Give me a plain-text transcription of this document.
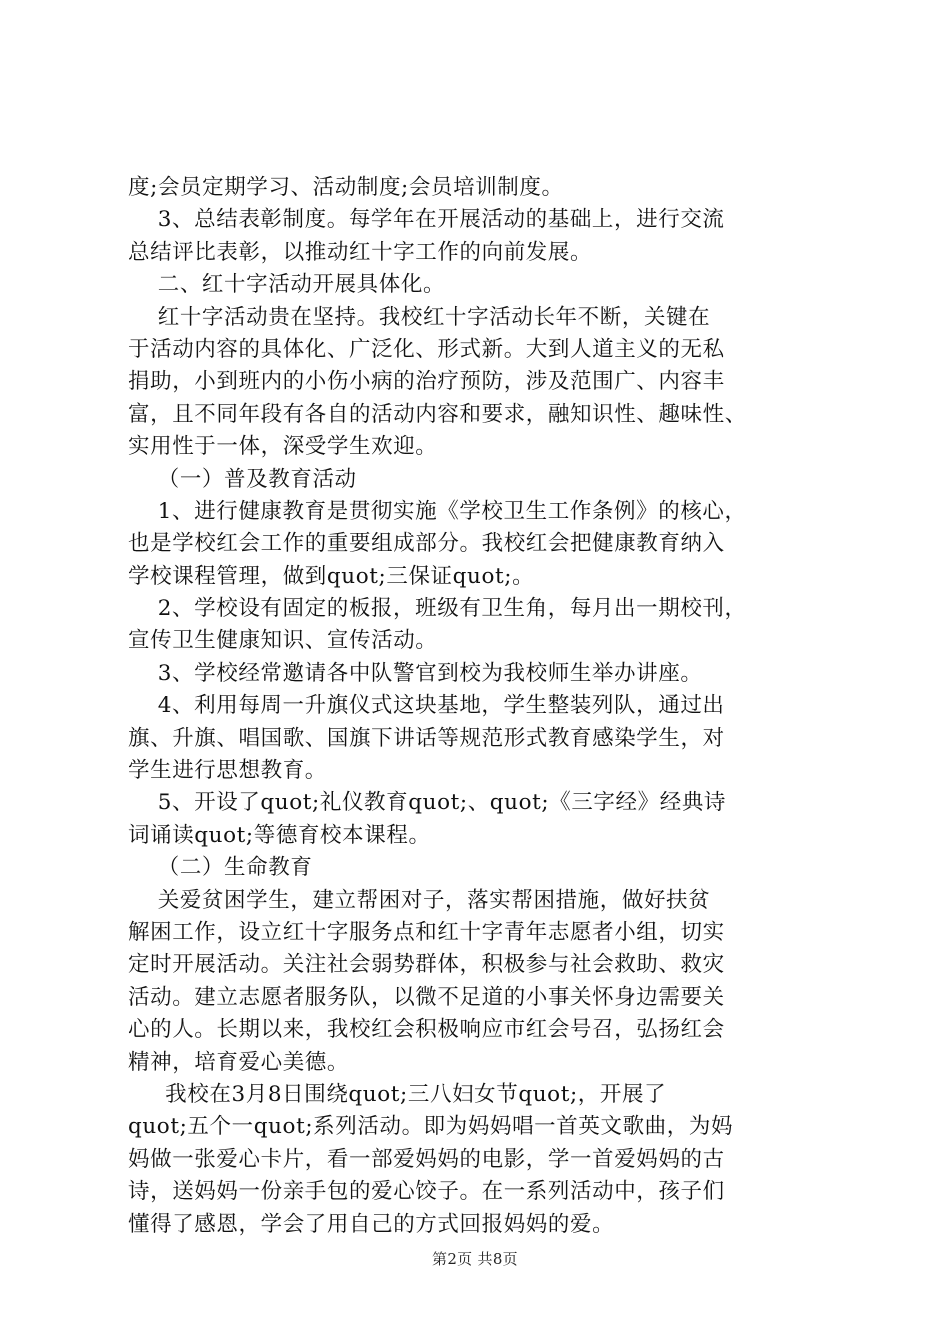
度;会员定期学习、活动制度;会员培训制度。
3、总结表彰制度。每学年在开展活动的基础上，进行交流
总结评比表彰，以推动红十字工作的向前发展。
二、红十字活动开展具体化。
红十字活动贵在坚持。我校红十字活动长年不断，关键在
于活动内容的具体化、广泛化、形式新。大到人道主义的无私
捐助，小到班内的小伤小病的治疗预防，涉及范围广、内容丰
富，且不同年段有各自的活动内容和要求，融知识性、趣味性、
实用性于一体，深受学生欢迎。
（一）普及教育活动
1、进行健康教育是贯彻实施《学校卫生工作条例》的核心，
也是学校红会工作的重要组成部分。我校红会把健康教育纳入
学校课程管理，做到quot;三保证quot;。
2、学校设有固定的板报，班级有卫生角，每月出一期校刊，
宣传卫生健康知识、宣传活动。
3、学校经常邀请各中队警官到校为我校师生举办讲座。
4、利用每周一升旗仪式这块基地，学生整装列队，通过出
旗、升旗、唱国歌、国旗下讲话等规范形式教育感染学生，对
学生进行思想教育。
5、开设了quot;礼仪教育quot;、quot;《三字经》经典诗
词诵读quot;等德育校本课程。
（二）生命教育
关爱贫困学生，建立帮困对子，落实帮困措施，做好扶贫
解困工作，设立红十字服务点和红十字青年志愿者小组，切实
定时开展活动。关注社会弱势群体，积极参与社会救助、救灾
活动。建立志愿者服务队，以微不足道的小事关怀身边需要关
心的人。长期以来，我校红会积极响应市红会号召，弘扬红会
精神，培育爱心美德。
我校在3月8日围绕quot;三八妇女节quot;，开展了
quot;五个一quot;系列活动。即为妈妈唱一首英文歌曲，为妈
妈做一张爱心卡片，看一部爱妈妈的电影，学一首爱妈妈的古
诗，送妈妈一份亲手包的爱心饺子。在一系列活动中，孩子们
懂得了感恩，学会了用自己的方式回报妈妈的爱。
第2页 共8页
